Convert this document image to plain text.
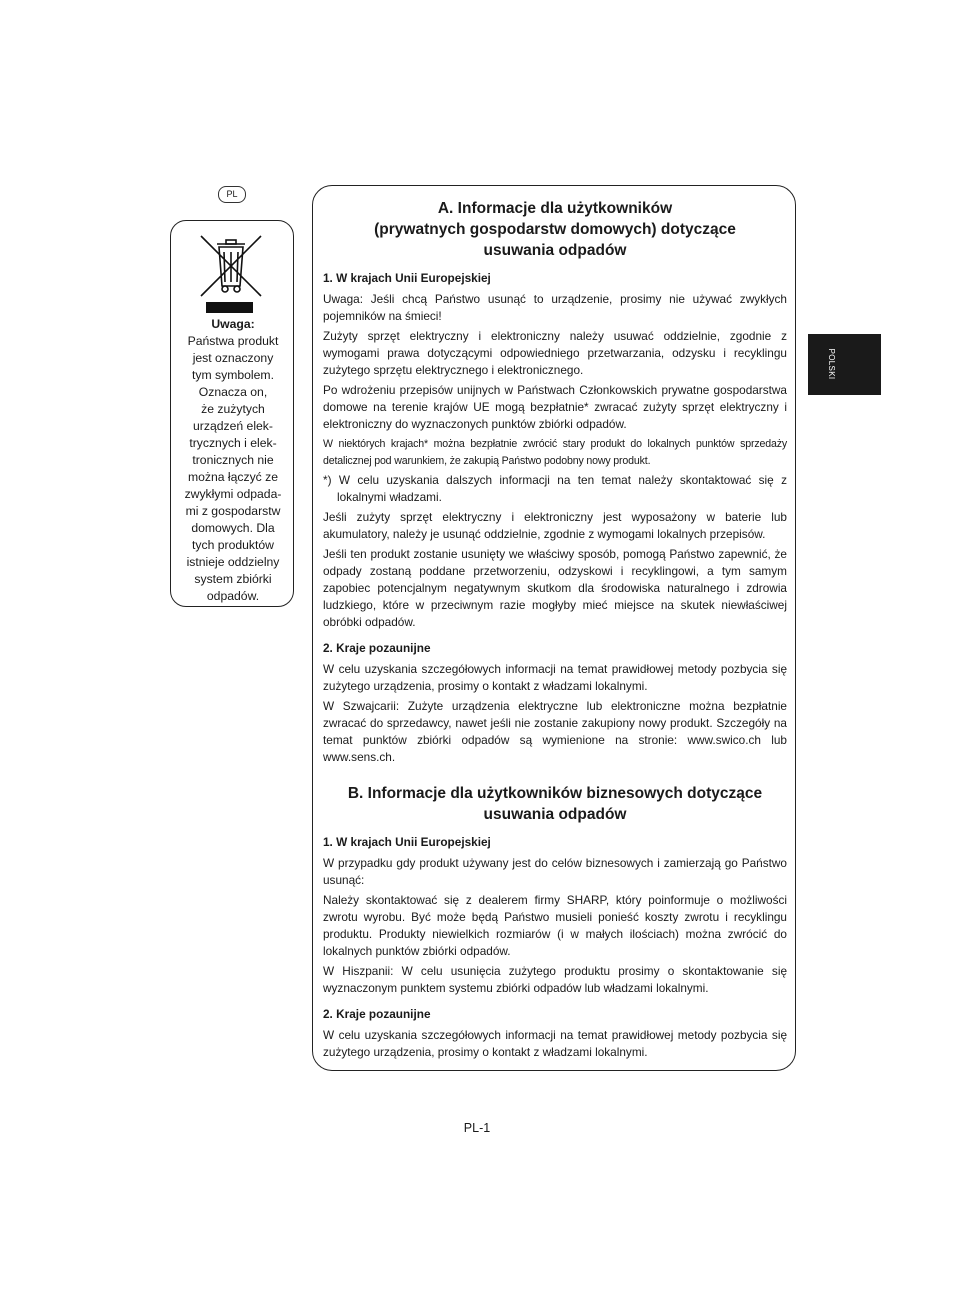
PL
Uwaga:
Państwa produkt
jest oznaczony
tym symbolem.
Oznacza on,
że zużytych
urządzeń elek-
trycznych i elek-
tronicznych nie
można łączyć ze
zwykłymi odpada-
mi z gospodarstw
domowych. Dla
tych produktów
istnieje oddzielny
system zbiórki
odpadów.
POLSKI
A. Informacje dla użytkowników
(prywatnych gospodarstw domowych) dotyczące
usuwania odpadów
1. W krajach Unii Europejskiej

Uwaga: Jeśli chcą Państwo usunąć to urządzenie, prosimy nie używać zwykłych pojemników na śmieci!

Zużyty sprzęt elektryczny i elektroniczny należy usuwać oddzielnie, zgodnie z wymogami prawa dotyczącymi odpowiedniego przetwarzania, odzysku i recyklingu zużytego sprzętu elektrycznego i elektronicznego.

Po wdrożeniu przepisów unijnych w Państwach Członkowskich prywatne gospodarstwa domowe na terenie krajów UE mogą bezpłatnie* zwracać zużyty sprzęt elektryczny i elektroniczny do wyznaczonych punktów zbiórki odpadów.

W niektórych krajach* można bezpłatnie zwrócić stary produkt do lokalnych punktów sprzedaży detalicznej pod warunkiem, że zakupią Państwo podobny nowy produkt.

*) W celu uzyskania dalszych informacji na ten temat należy skontaktować się z lokalnymi władzami.

Jeśli zużyty sprzęt elektryczny i elektroniczny jest wyposażony w baterie lub akumulatory, należy je usunąć oddzielnie, zgodnie z wymogami lokalnych przepisów.

Jeśli ten produkt zostanie usunięty we właściwy sposób, pomogą Państwo zapewnić, że odpady zostaną poddane przetworzeniu, odzyskowi i recyklingowi, a tym samym zapobiec potencjalnym negatywnym skutkom dla środowiska naturalnego i zdrowia ludzkiego, które w przeciwnym razie mogłyby mieć miejsce na skutek niewłaściwej obróbki odpadów.

2. Kraje pozaunijne

W celu uzyskania szczegółowych informacji na temat prawidłowej metody pozbycia się zużytego urządzenia, prosimy o kontakt z władzami lokalnymi.

W Szwajcarii: Zużyte urządzenia elektryczne lub elektroniczne można bezpłatnie zwracać do sprzedawcy, nawet jeśli nie zostanie zakupiony nowy produkt. Szczegóły na temat punktów zbiórki odpadów są wymienione na stronie: www.swico.ch lub www.sens.ch.

B. Informacje dla użytkowników biznesowych dotyczące
usuwania odpadów
1. W krajach Unii Europejskiej

W przypadku gdy produkt używany jest do celów biznesowych i zamierzają go Państwo usunąć:

Należy skontaktować się z dealerem firmy SHARP, który poinformuje o możliwości zwrotu wyrobu. Być może będą Państwo musieli ponieść koszty zwrotu i recyklingu produktu. Produkty niewielkich rozmiarów (i w małych ilościach) można zwrócić do lokalnych punktów zbiórki odpadów.

W Hiszpanii: W celu usunięcia zużytego produktu prosimy o skontaktowanie się wyznaczonym punktem systemu zbiórki odpadów lub władzami lokalnymi.

2. Kraje pozaunijne

W celu uzyskania szczegółowych informacji na temat prawidłowej metody pozbycia się zużytego urządzenia, prosimy o kontakt z władzami lokalnymi.

PL-1
